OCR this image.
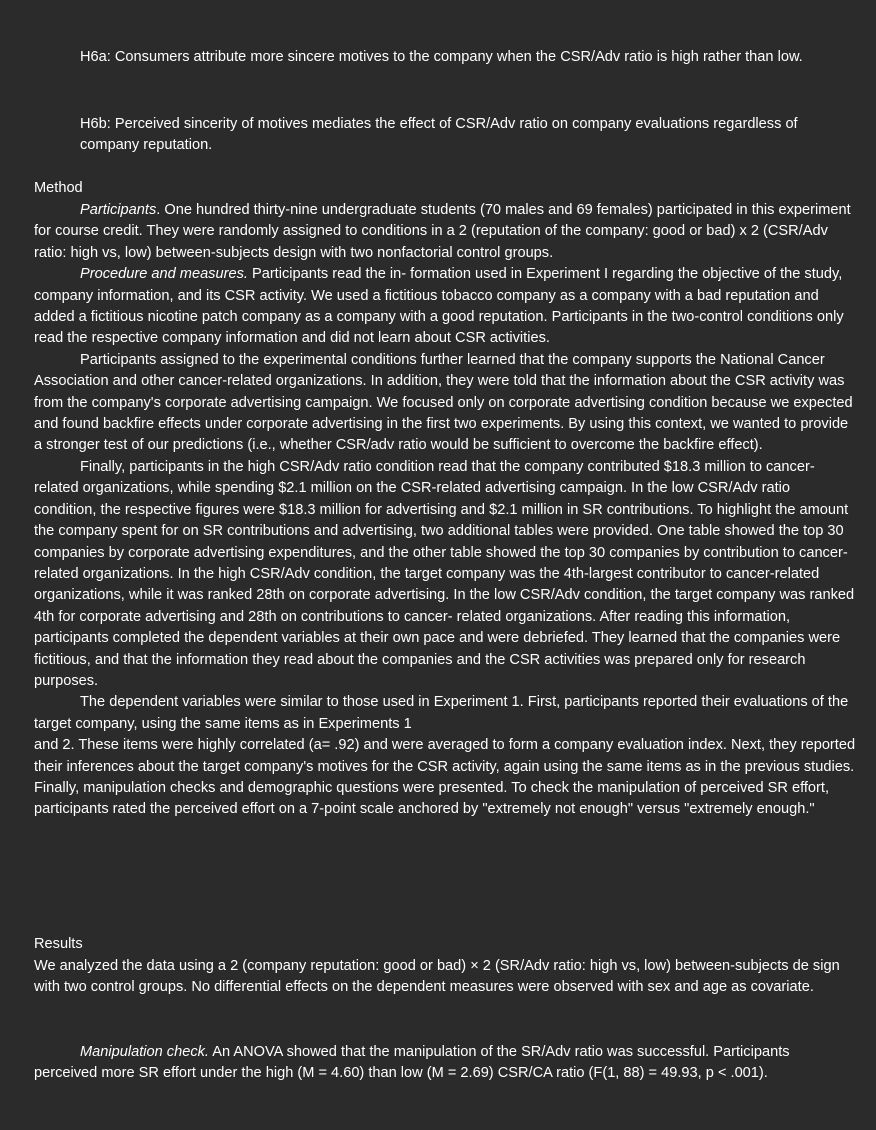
H6a: Consumers attribute more sincere motives to the company when the CSR/Adv ratio is high rather than low.

H6b: Perceived sincerity of motives mediates the effect of CSR/Adv ratio on company evaluations regardless of company reputation.

Method

Participants. One hundred thirty-nine undergraduate students (70 males and 69 females) participated in this experiment for course credit. They were randomly assigned to conditions in a 2 (reputation of the company: good or bad) x 2 (CSR/Adv ratio: high vs, low) between-subjects design with two nonfactorial control groups.

Procedure and measures. Participants read the in- formation used in Experiment I regarding the objective of the study, company information, and its CSR activity. We used a fictitious tobacco company as a company with a bad reputation and added a fictitious nicotine patch company as a company with a good reputation. Participants in the two-control conditions only read the respective company information and did not learn about CSR activities.

Participants assigned to the experimental conditions further learned that the company supports the National Cancer Association and other cancer-related organizations. In addition, they were told that the information about the CSR activity was from the company's corporate advertising campaign. We focused only on corporate advertising condition because we expected and found backfire effects under corporate advertising in the first two experiments. By using this context, we wanted to provide a stronger test of our predictions (i.e., whether CSR/adv ratio would be sufficient to overcome the backfire effect).

Finally, participants in the high CSR/Adv ratio condition read that the company contributed $18.3 million to cancer-related organizations, while spending $2.1 million on the CSR-related advertising campaign. In the low CSR/Adv ratio condition, the respective figures were $18.3 million for advertising and $2.1 million in SR contributions. To highlight the amount the company spent for on SR contributions and advertising, two additional tables were provided. One table showed the top 30 companies by corporate advertising expenditures, and the other table showed the top 30 companies by contribution to cancer-related organizations. In the high CSR/Adv condition, the target company was the 4th-largest contributor to cancer-related organizations, while it was ranked 28th on corporate advertising. In the low CSR/Adv condition, the target company was ranked 4th for corporate advertising and 28th on contributions to cancer- related organizations. After reading this information, participants completed the dependent variables at their own pace and were debriefed. They learned that the companies were fictitious, and that the information they read about the companies and the CSR activities was prepared only for research purposes.

The dependent variables were similar to those used in Experiment 1. First, participants reported their evaluations of the target company, using the same items as in Experiments 1

and 2. These items were highly correlated (a= .92) and were averaged to form a company evaluation index. Next, they reported their inferences about the target company's motives for the CSR activity, again using the same items as in the previous studies. Finally, manipulation checks and demographic questions were presented. To check the manipulation of perceived SR effort, participants rated the perceived effort on a 7-point scale anchored by "extremely not enough" versus "extremely enough."

Results

We analyzed the data using a 2 (company reputation: good or bad) × 2 (SR/Adv ratio: high vs, low) between-subjects de sign with two control groups. No differential effects on the dependent measures were observed with sex and age as covariate.

Manipulation check. An ANOVA showed that the manipulation of the SR/Adv ratio was successful. Participants perceived more SR effort under the high (M = 4.60) than low (M = 2.69) CSR/CA ratio (F(1, 88) = 49.93, p < .001).
